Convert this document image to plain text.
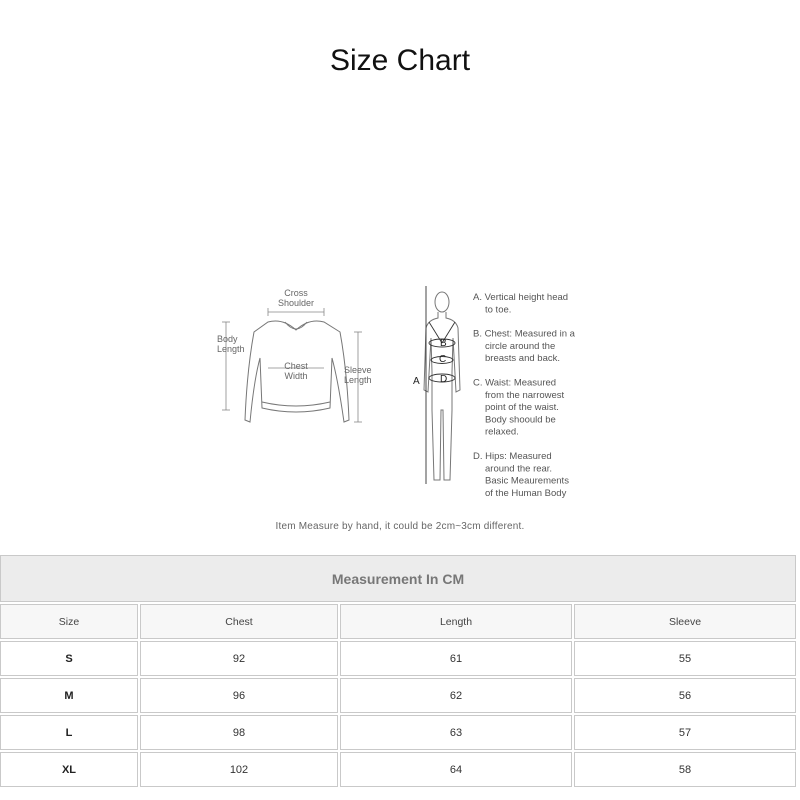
Size Chart
Cross
Shoulder
Body
Length
Chest
Width
Sleeve
Length
B
C
A D
A. Vertical height head
to toe.
B. Chest: Measured in a
circle around the
breasts and back.
C. Waist: Measured
from the narrowest
point of the waist.
Body shoould be
relaxed.
D. Hips: Measured
around the rear.
Basic Meaurements
of the Human Body
Item Measure by hand, it could be 2cm~3cm different.
Measurement In CM			
Size	Chest	Length	Sleeve
S	92	61	55
M	96	62	56
L	98	63	57
XL	102	64	58
